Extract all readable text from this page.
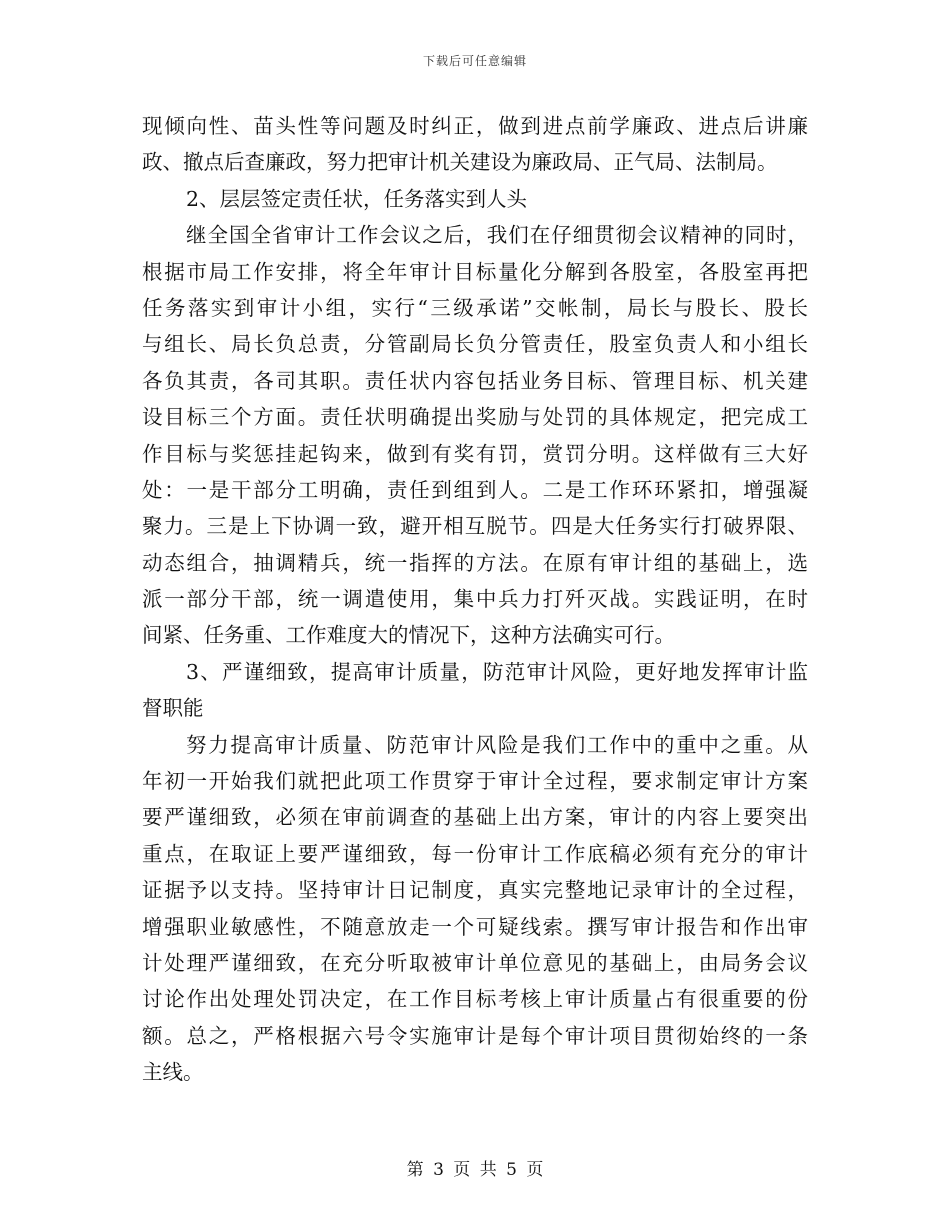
下载后可任意编辑
现倾向性、苗头性等问题及时纠正，做到进点前学廉政、进点后讲廉
政、撤点后查廉政，努力把审计机关建设为廉政局、正气局、法制局。
2、层层签定责任状，任务落实到人头
继全国全省审计工作会议之后，我们在仔细贯彻会议精神的同时，
根据市局工作安排，将全年审计目标量化分解到各股室，各股室再把
任务落实到审计小组，实行“三级承诺”交帐制，局长与股长、股长
与组长、局长负总责，分管副局长负分管责任，股室负责人和小组长
各负其责，各司其职。责任状内容包括业务目标、管理目标、机关建
设目标三个方面。责任状明确提出奖励与处罚的具体规定，把完成工
作目标与奖惩挂起钩来，做到有奖有罚，赏罚分明。这样做有三大好
处：一是干部分工明确，责任到组到人。二是工作环环紧扣，增强凝
聚力。三是上下协调一致，避开相互脱节。四是大任务实行打破界限、
动态组合，抽调精兵，统一指挥的方法。在原有审计组的基础上，选
派一部分干部，统一调遣使用，集中兵力打歼灭战。实践证明，在时
间紧、任务重、工作难度大的情况下，这种方法确实可行。
3、严谨细致，提高审计质量，防范审计风险，更好地发挥审计监
督职能
努力提高审计质量、防范审计风险是我们工作中的重中之重。从
年初一开始我们就把此项工作贯穿于审计全过程，要求制定审计方案
要严谨细致，必须在审前调查的基础上出方案，审计的内容上要突出
重点，在取证上要严谨细致，每一份审计工作底稿必须有充分的审计
证据予以支持。坚持审计日记制度，真实完整地记录审计的全过程，
增强职业敏感性，不随意放走一个可疑线索。撰写审计报告和作出审
计处理严谨细致，在充分听取被审计单位意见的基础上，由局务会议
讨论作出处理处罚决定，在工作目标考核上审计质量占有很重要的份
额。总之，严格根据六号令实施审计是每个审计项目贯彻始终的一条
主线。
第 3 页 共 5 页
